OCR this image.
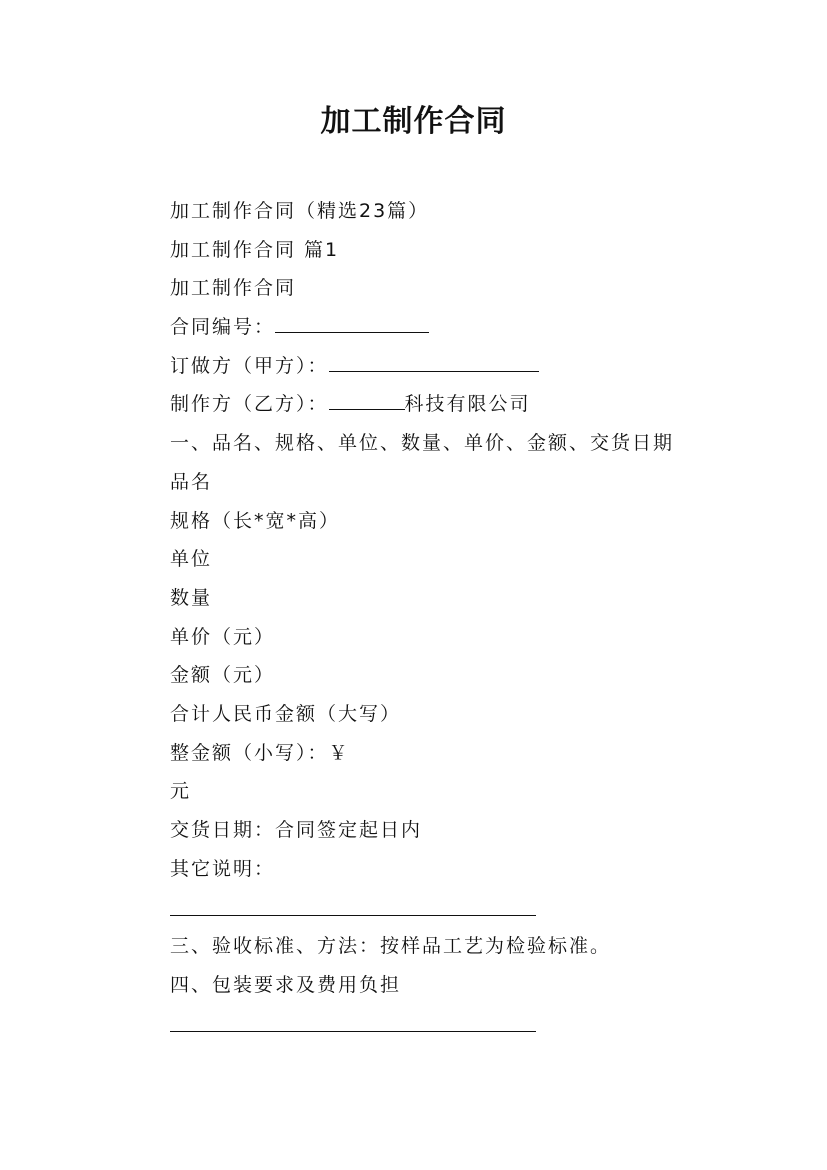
加工制作合同
加工制作合同（精选23篇）
加工制作合同 篇1
加工制作合同
合同编号：
订做方（甲方）：
制作方（乙方）：	科技有限公司
一、品名、规格、单位、数量、单价、金额、交货日期
品名
规格（长*宽*高）
单位
数量
单价（元）
金额（元）
合计人民币金额（大写）
整金额（小写）：￥
元
交货日期：合同签定起日内
其它说明：
三、验收标准、方法：按样品工艺为检验标准。
四、包装要求及费用负担
